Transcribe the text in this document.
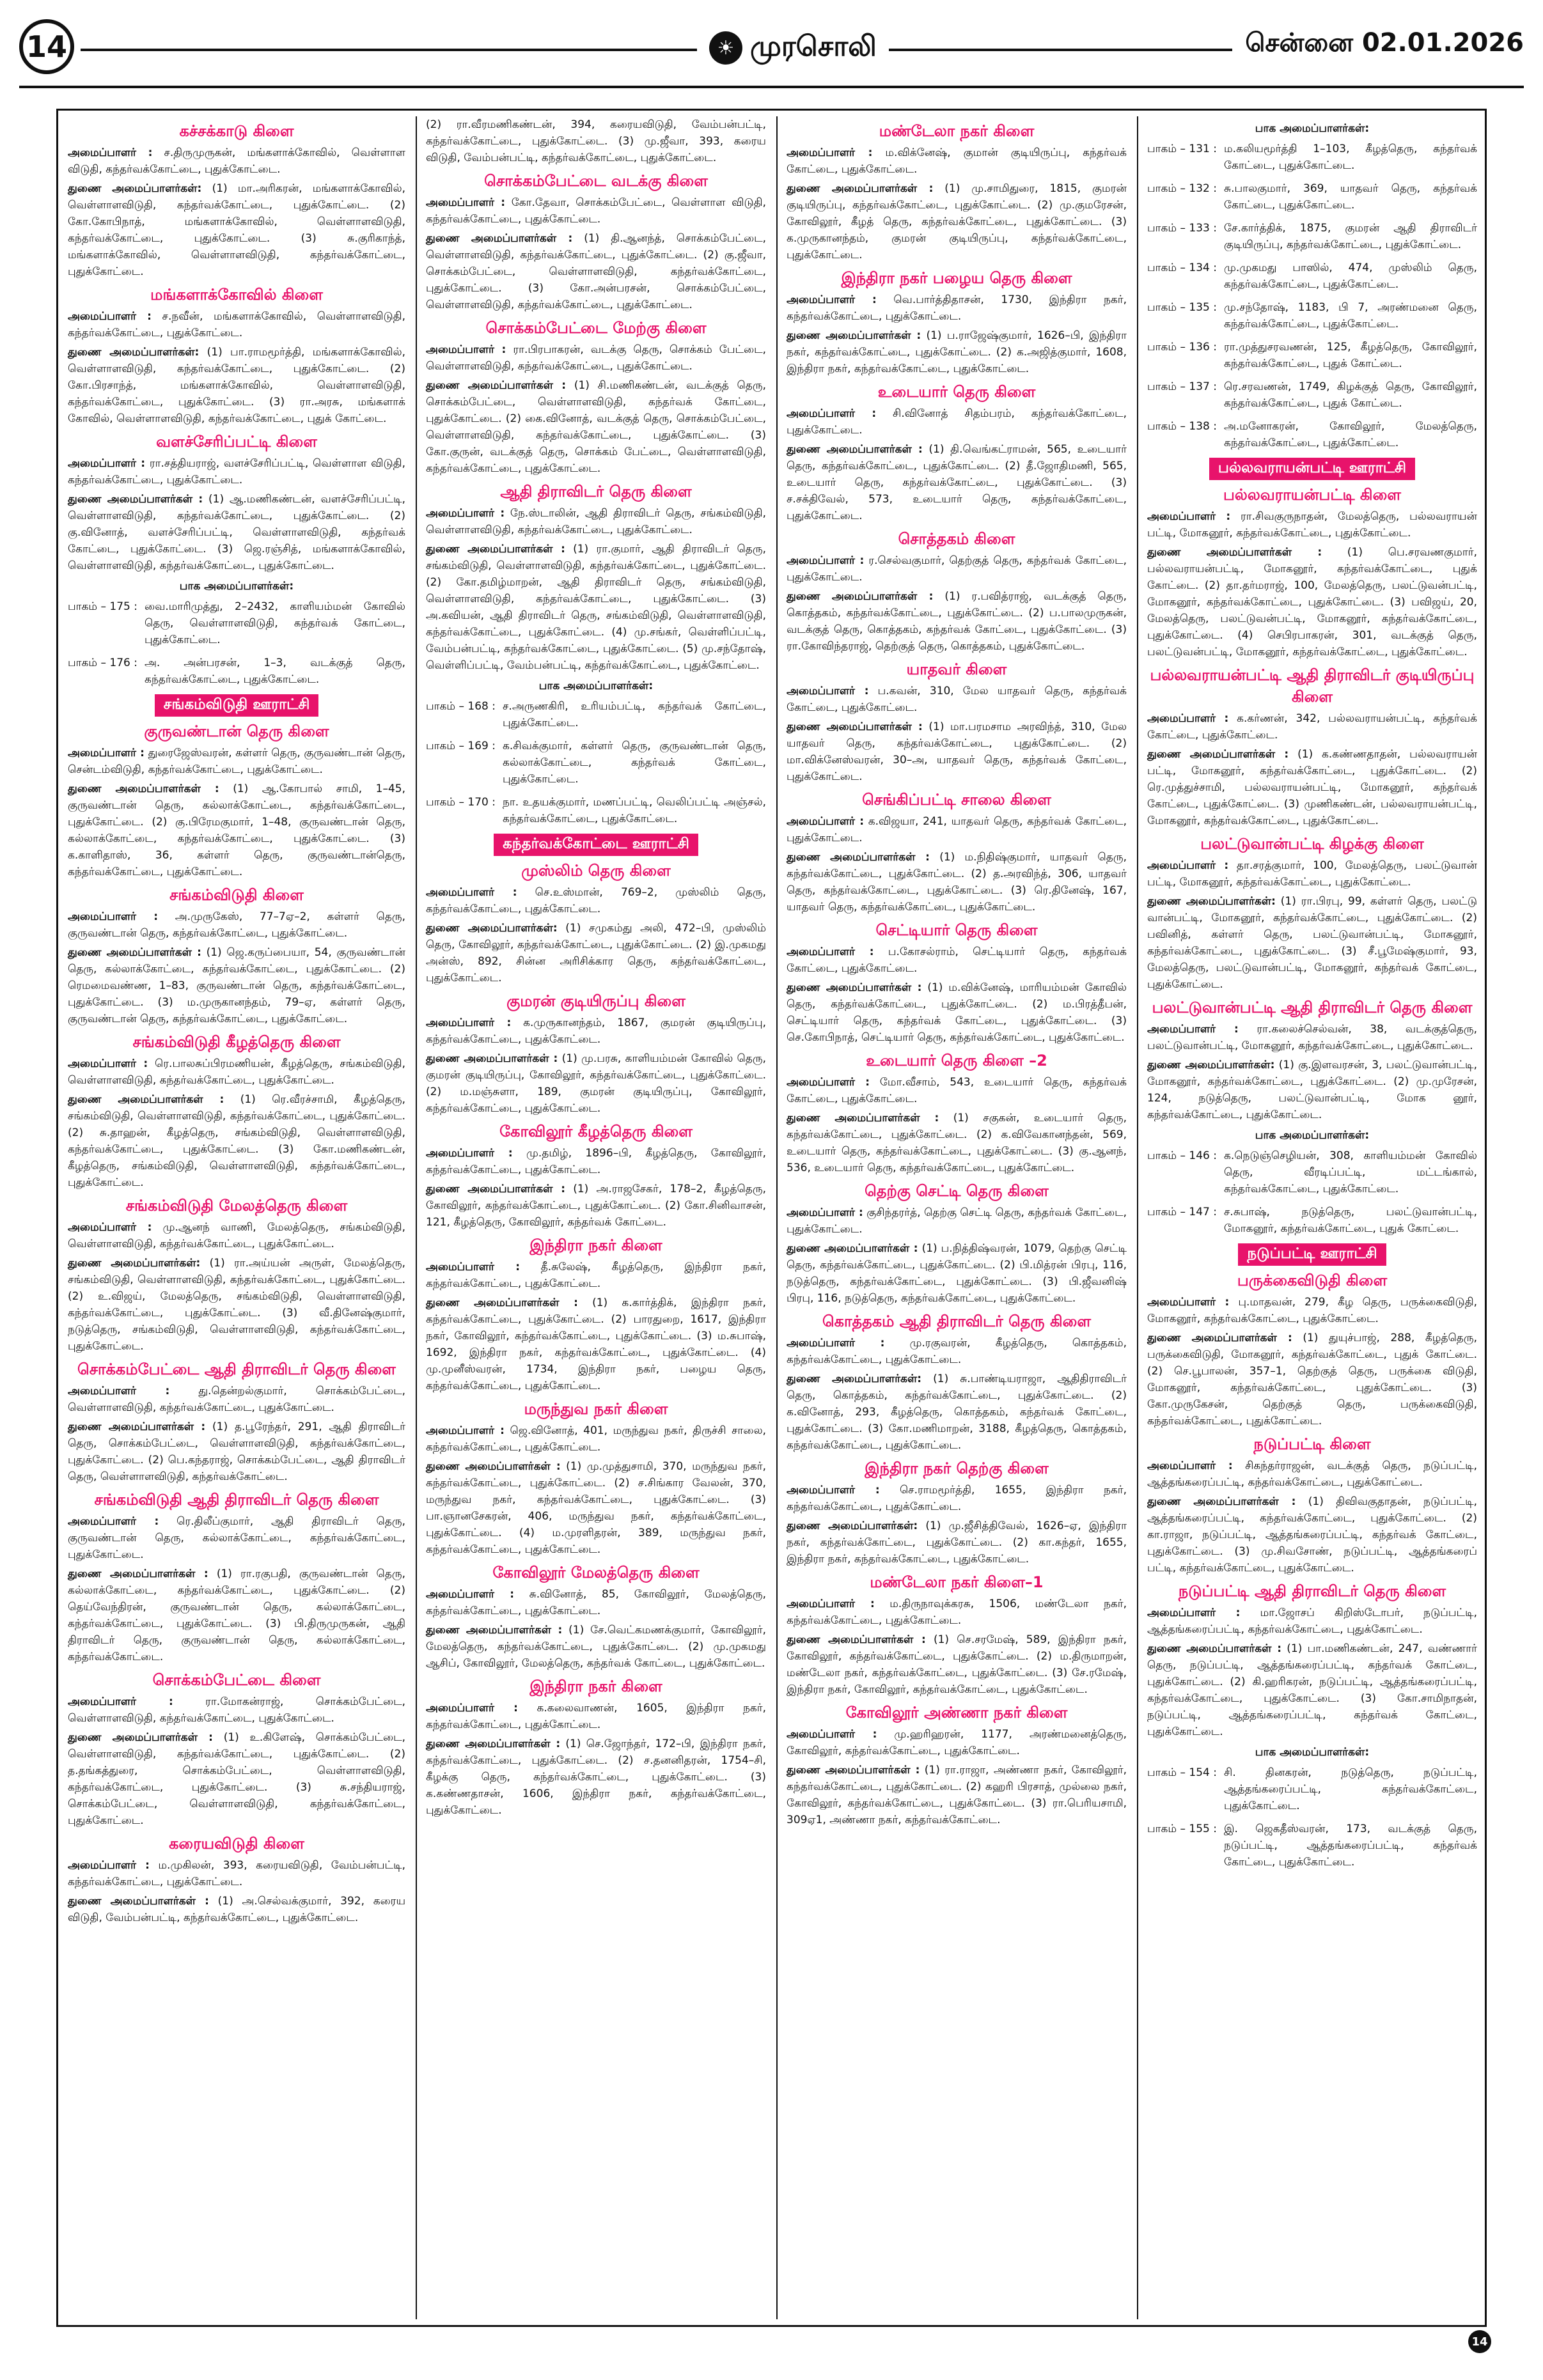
14	☀ முரசொலி	சென்னை 02.01.2026
கச்சக்காடு கிளை

அமைப்பாளர் : ச.திருமுருகன், மங்களாக்கோவில், வெள்ளாள விடுதி, கந்தர்வக்கோட்டை, புதுக்கோட்டை.

துணை அமைப்பாளர்கள்: (1) மா.அரிகரன், மங்களாக்கோவில், வெள்ளாளவிடுதி, கந்தர்வக்கோட்டை, புதுக்கோட்டை. (2) கோ.கோபிநாத், மங்களாக்கோவில், வெள்ளாளவிடுதி, கந்தர்வக்கோட்டை, புதுக்கோட்டை. (3) சு.குரிகாந்த், மங்களாக்கோவில், வெள்ளாளவிடுதி, கந்தர்வக்கோட்டை, புதுக்கோட்டை.

மங்களாக்கோவில் கிளை

அமைப்பாளர் : ச.நவீன், மங்களாக்கோவில், வெள்ளாளவிடுதி, கந்தர்வக்கோட்டை, புதுக்கோட்டை.

துணை அமைப்பாளர்கள்: (1) பா.ராமமூர்த்தி, மங்களாக்கோவில், வெள்ளாளவிடுதி, கந்தர்வக்கோட்டை, புதுக்கோட்டை. (2) கோ.பிரசாந்த், மங்களாக்கோவில், வெள்ளாளவிடுதி, கந்தர்வக்கோட்டை, புதுக்கோட்டை. (3) ரா.அரசு, மங்களாக் கோவில், வெள்ளாளவிடுதி, கந்தர்வக்கோட்டை, புதுக் கோட்டை.

வளச்சேரிப்பட்டி கிளை

அமைப்பாளர் : ரா.சத்தியராஜ், வளச்சேரிப்பட்டி, வெள்ளாள விடுதி, கந்தர்வக்கோட்டை, புதுக்கோட்டை.

துணை அமைப்பாளர்கள் : (1) ஆ.மணிகண்டன், வளச்சேரிப்பட்டி, வெள்ளாளவிடுதி, கந்தர்வக்கோட்டை, புதுக்கோட்டை. (2) கு.வினோத், வளச்சேரிப்பட்டி, வெள்ளாளவிடுதி, கந்தர்வக் கோட்டை, புதுக்கோட்டை. (3) ஜெ.ரஞ்சித், மங்களாக்கோவில், வெள்ளாளவிடுதி, கந்தர்வக்கோட்டை, புதுக்கோட்டை.

பாக அமைப்பாளர்கள்:
பாகம் – 175 : வை.மாரிமுத்து, 2–2432, காளியம்மன் கோவில் தெரு, வெள்ளாளவிடுதி, கந்தர்வக் கோட்டை, புதுக்கோட்டை.
பாகம் – 176 : அ. அன்பரசன், 1–3, வடக்குத் தெரு, கந்தர்வக்கோட்டை, புதுக்கோட்டை.
சங்கம்விடுதி ஊராட்சி
குருவண்டான் தெரு கிளை

அமைப்பாளர் : துரைஜேஸ்வரன், கள்ளர் தெரு, குருவண்டான் தெரு, சென்டம்விடுதி, கந்தர்வக்கோட்டை, புதுக்கோட்டை.

துணை அமைப்பாளர்கள் : (1) ஆ.கோபால் சாமி, 1–45, குருவண்டான் தெரு, கல்லாக்கோட்டை, கந்தர்வக்கோட்டை, புதுக்கோட்டை. (2) கு.பிரேமகுமார், 1–48, குருவண்டான் தெரு, கல்லாக்கோட்டை, கந்தர்வக்கோட்டை, புதுக்கோட்டை. (3) க.காளிதாஸ், 36, கள்ளர் தெரு, குருவண்டான்தெரு, கந்தர்வக்கோட்டை, புதுக்கோட்டை.

சங்கம்விடுதி கிளை

அமைப்பாளர் : அ.முருகேஸ், 77–7ஏ–2, கள்ளர் தெரு, குருவண்டான் தெரு, கந்தர்வக்கோட்டை, புதுக்கோட்டை.

துணை அமைப்பாளர்கள் : (1) ஜெ.கருப்பையா, 54, குருவண்டான் தெரு, கல்லாக்கோட்டை, கந்தர்வக்கோட்டை, புதுக்கோட்டை. (2) ரெமமைவண்ண, 1–83, குருவண்டான் தெரு, கந்தர்வக்கோட்டை, புதுக்கோட்டை. (3) ம.முருகானந்தம், 79–ஏ, கள்ளர் தெரு, குருவண்டான் தெரு, கந்தர்வக்கோட்டை, புதுக்கோட்டை.

சங்கம்விடுதி கீழத்தெரு கிளை

அமைப்பாளர் : ரெ.பாலசுப்பிரமணியன், கீழத்தெரு, சங்கம்விடுதி, வெள்ளாளவிடுதி, கந்தர்வக்கோட்டை, புதுக்கோட்டை.

துணை அமைப்பாளர்கள் : (1) ரெ.வீரச்சாமி, கீழத்தெரு, சங்கம்விடுதி, வெள்ளாளவிடுதி, கந்தர்வக்கோட்டை, புதுக்கோட்டை. (2) சு.தாஹன், கீழத்தெரு, சங்கம்விடுதி, வெள்ளாளவிடுதி, கந்தர்வக்கோட்டை, புதுக்கோட்டை. (3) கோ.மணிகண்டன், கீழத்தெரு, சங்கம்விடுதி, வெள்ளாளவிடுதி, கந்தர்வக்கோட்டை, புதுக்கோட்டை.

சங்கம்விடுதி மேலத்தெரு கிளை

அமைப்பாளர் : மு.ஆனந் வாணி, மேலத்தெரு, சங்கம்விடுதி, வெள்ளாளவிடுதி, கந்தர்வக்கோட்டை, புதுக்கோட்டை.

துணை அமைப்பாளர்கள்: (1) ரா.அய்யன் அருள், மேலத்தெரு, சங்கம்விடுதி, வெள்ளாளவிடுதி, கந்தர்வக்கோட்டை, புதுக்கோட்டை. (2) உ.விஜய், மேலத்தெரு, சங்கம்விடுதி, வெள்ளாளவிடுதி, கந்தர்வக்கோட்டை, புதுக்கோட்டை. (3) வீ.தினேஷ்குமார், நடுத்தெரு, சங்கம்விடுதி, வெள்ளாளவிடுதி, கந்தர்வக்கோட்டை, புதுக்கோட்டை.

சொக்கம்பேட்டை ஆதி திராவிடர் தெரு கிளை

அமைப்பாளர் :	து.தென்றல்குமார், சொக்கம்பேட்டை, வெள்ளாளவிடுதி, கந்தர்வக்கோட்டை, புதுக்கோட்டை.

துணை அமைப்பாளர்கள் : (1) த.பூரேந்தர், 291, ஆதி திராவிடர் தெரு, சொக்கம்பேட்டை, வெள்ளாளவிடுதி, கந்தர்வக்கோட்டை, புதுக்கோட்டை. (2) பெ.கந்தராஜ், சொக்கம்பேட்டை, ஆதி திராவிடர் தெரு, வெள்ளாளவிடுதி, கந்தர்வக்கோட்டை.

சங்கம்விடுதி ஆதி திராவிடர் தெரு கிளை

அமைப்பாளர் : ரெ.திலீப்குமார், ஆதி திராவிடர் தெரு, குருவண்டான் தெரு, கல்லாக்கோட்டை, கந்தர்வக்கோட்டை, புதுக்கோட்டை.

துணை அமைப்பாளர்கள் : (1) ரா.ரகுபதி, குருவண்டான் தெரு, கல்லாக்கோட்டை, கந்தர்வக்கோட்டை, புதுக்கோட்டை. (2) தெய்வேந்திரன், குருவண்டான் தெரு, கல்லாக்கோட்டை, கந்தர்வக்கோட்டை, புதுக்கோட்டை. (3) பி.திருமுருகன், ஆதி திராவிடர் தெரு, குருவண்டான் தெரு, கல்லாக்கோட்டை, கந்தர்வக்கோட்டை.

சொக்கம்பேட்டை கிளை

அமைப்பாளர் :	ரா.மோகன்ராஜ், சொக்கம்பேட்டை, வெள்ளாளவிடுதி, கந்தர்வக்கோட்டை, புதுக்கோட்டை.

துணை அமைப்பாளர்கள் : (1) உ.கிளேஷ், சொக்கம்பேட்டை, வெள்ளாளவிடுதி, கந்தர்வக்கோட்டை, புதுக்கோட்டை. (2) த.தங்கத்துரை, சொக்கம்பேட்டை, வெள்ளாளவிடுதி, கந்தர்வக்கோட்டை, புதுக்கோட்டை. (3) சு.சந்தியராஜ், சொக்கம்பேட்டை, வெள்ளாளவிடுதி, கந்தர்வக்கோட்டை, புதுக்கோட்டை.

கரையவிடுதி கிளை

அமைப்பாளர் : ம.முகிலன், 393, கரையவிடுதி, வேம்பன்பட்டி, கந்தர்வக்கோட்டை, புதுக்கோட்டை.

துணை அமைப்பாளர்கள் : (1) அ.செல்வக்குமார், 392, கரைய விடுதி, வேம்பன்பட்டி, கந்தர்வக்கோட்டை, புதுக்கோட்டை.

(2) ரா.வீரமணிகண்டன், 394, கரையவிடுதி, வேம்பன்பட்டி, கந்தர்வக்கோட்டை, புதுக்கோட்டை. (3) மு.ஜீவா, 393, கரைய விடுதி, வேம்பன்பட்டி, கந்தர்வக்கோட்டை, புதுக்கோட்டை.

சொக்கம்பேட்டை வடக்கு கிளை

அமைப்பாளர் : கோ.தேவா, சொக்கம்பேட்டை, வெள்ளாள விடுதி, கந்தர்வக்கோட்டை, புதுக்கோட்டை.

துணை அமைப்பாளர்கள் : (1) தி.ஆனந்த், சொக்கம்பேட்டை, வெள்ளாளவிடுதி, கந்தர்வக்கோட்டை, புதுக்கோட்டை. (2) கு.ஜீவா, சொக்கம்பேட்டை, வெள்ளாளவிடுதி, கந்தர்வக்கோட்டை, புதுக்கோட்டை. (3) கோ.அன்பரசன், சொக்கம்பேட்டை, வெள்ளாளவிடுதி, கந்தர்வக்கோட்டை, புதுக்கோட்டை.

சொக்கம்பேட்டை மேற்கு கிளை

அமைப்பாளர் : ரா.பிரபாகரன், வடக்கு தெரு, சொக்கம் பேட்டை, வெள்ளாளவிடுதி, கந்தர்வக்கோட்டை, புதுக்கோட்டை.

துணை அமைப்பாளர்கள் : (1) சி.மணிகண்டன், வடக்குத் தெரு, சொக்கம்பேட்டை, வெள்ளாளவிடுதி, கந்தர்வக் கோட்டை, புதுக்கோட்டை. (2) கை.வினோத், வடக்குத் தெரு, சொக்கம்பேட்டை, வெள்ளாளவிடுதி, கந்தர்வக்கோட்டை, புதுக்கோட்டை. (3) கோ.குருன், வடக்குத் தெரு, சொக்கம் பேட்டை, வெள்ளாளவிடுதி, கந்தர்வக்கோட்டை, புதுக்கோட்டை.

ஆதி திராவிடர் தெரு கிளை

அமைப்பாளர் : நே.ஸ்டாலின், ஆதி திராவிடர் தெரு, சங்கம்விடுதி, வெள்ளாளவிடுதி, கந்தர்வக்கோட்டை, புதுக்கோட்டை.

துணை அமைப்பாளர்கள் : (1) ரா.குமார், ஆதி திராவிடர் தெரு, சங்கம்விடுதி, வெள்ளாளவிடுதி, கந்தர்வக்கோட்டை, புதுக்கோட்டை. (2) கோ.தமிழ்மாறன், ஆதி திராவிடர் தெரு, சங்கம்விடுதி, வெள்ளாளவிடுதி, கந்தர்வக்கோட்டை, புதுக்கோட்டை. (3) அ.கவியன், ஆதி திராவிடர் தெரு, சங்கம்விடுதி, வெள்ளாளவிடுதி, கந்தர்வக்கோட்டை, புதுக்கோட்டை. (4) மு.சங்கர், வெள்ளிப்பட்டி, வேம்பன்பட்டி, கந்தர்வக்கோட்டை, புதுக்கோட்டை. (5) மு.சந்தோஷ், வெள்ளிப்பட்டி, வேம்பன்பட்டி, கந்தர்வக்கோட்டை, புதுக்கோட்டை.

பாக அமைப்பாளர்கள்:
பாகம் – 168 : ச.அருணகிரி, உரியம்பட்டி, கந்தர்வக் கோட்டை, புதுக்கோட்டை.
பாகம் – 169 : க.சிவக்குமார், கள்ளர் தெரு, குருவண்டான் தெரு, கல்லாக்கோட்டை, கந்தர்வக் கோட்டை, புதுக்கோட்டை.
பாகம் – 170 : நா. உதயக்குமார், மணப்பட்டி, வெலிப்பட்டி அஞ்சல், கந்தர்வக்கோட்டை, புதுக்கோட்டை.
கந்தர்வக்கோட்டை ஊராட்சி
முஸ்லிம் தெரு கிளை

அமைப்பாளர் : செ.உஸ்மான், 769–2, முஸ்லிம் தெரு, கந்தர்வக்கோட்டை, புதுக்கோட்டை.

துணை அமைப்பாளர்கள்: (1) சமுகம்து அலி, 472–பி, முஸ்லிம் தெரு, கோவிலூர், கந்தர்வக்கோட்டை, புதுக்கோட்டை. (2) இ.முகமது அன்ஸ், 892, சின்ன அரிசிக்கார தெரு, கந்தர்வக்கோட்டை, புதுக்கோட்டை.

குமரன் குடியிருப்பு கிளை

அமைப்பாளர் : க.முருகானந்தம், 1867, குமரன் குடியிருப்பு, கந்தர்வக்கோட்டை, புதுக்கோட்டை.

துணை அமைப்பாளர்கள் : (1) மு.பரசு, காளியம்மன் கோவில் தெரு, குமரன் குடியிருப்பு, கோவிலூர், கந்தர்வக்கோட்டை, புதுக்கோட்டை. (2) ம.மஞ்சுளா, 189, குமரன் குடியிருப்பு, கோவிலூர், கந்தர்வக்கோட்டை, புதுக்கோட்டை.

கோவிலூர் கீழத்தெரு கிளை

அமைப்பாளர் : மு.தமிழ், 1896–பி, கீழத்தெரு, கோவிலூர், கந்தர்வக்கோட்டை, புதுக்கோட்டை.

துணை அமைப்பாளர்கள் : (1) அ.ராஜசேகர், 178–2, கீழத்தெரு, கோவிலூர், கந்தர்வக்கோட்டை, புதுக்கோட்டை. (2) கோ.சினிவாசன், 121, கீழத்தெரு, கோவிலூர், கந்தர்வக் கோட்டை.

இந்திரா நகர் கிளை

அமைப்பாளர் : தீ.சுலேஷ், கீழத்தெரு, இந்திரா நகர், கந்தர்வக்கோட்டை, புதுக்கோட்டை.

துணை அமைப்பாளர்கள் : (1) க.கார்த்திக், இந்திரா நகர், கந்தர்வக்கோட்டை, புதுக்கோட்டை. (2) பாரதுறை, 1617, இந்திரா நகர், கோவிலூர், கந்தர்வக்கோட்டை, புதுக்கோட்டை. (3) ம.சுபாஷ், 1692, இந்திரா நகர், கந்தர்வக்கோட்டை, புதுக்கோட்டை. (4) மு.முனீஸ்வரன், 1734, இந்திரா நகர், பழைய தெரு, கந்தர்வக்கோட்டை, புதுக்கோட்டை.

மருந்துவ நகர் கிளை

அமைப்பாளர் : ஜெ.வினோத், 401, மருந்துவ நகர், திருச்சி சாலை, கந்தர்வக்கோட்டை, புதுக்கோட்டை.

துணை அமைப்பாளர்கள் : (1) மு.முத்துசாமி, 370, மருந்துவ நகர், கந்தர்வக்கோட்டை, புதுக்கோட்டை. (2) ச.சிங்கார வேலன், 370, மருந்துவ நகர், கந்தர்வக்கோட்டை, புதுக்கோட்டை. (3) பா.ஞானசேகரன், 406, மருந்துவ நகர், கந்தர்வக்கோட்டை, புதுக்கோட்டை. (4) ம.முரளிதரன், 389, மருந்துவ நகர், கந்தர்வக்கோட்டை, புதுக்கோட்டை.

கோவிலூர் மேலத்தெரு கிளை

அமைப்பாளர் : சு.வினோத், 85, கோவிலூர், மேலத்தெரு, கந்தர்வக்கோட்டை, புதுக்கோட்டை.

துணை அமைப்பாளர்கள் : (1) சே.வெட்கமணக்குமார், கோவிலூர், மேலத்தெரு, கந்தர்வக்கோட்டை, புதுக்கோட்டை. (2) மு.முகமது ஆசிப், கோவிலூர், மேலத்தெரு, கந்தர்வக் கோட்டை, புதுக்கோட்டை.

இந்திரா நகர் கிளை

அமைப்பாளர் : க.கலைவாணன், 1605, இந்திரா நகர், கந்தர்வக்கோட்டை, புதுக்கோட்டை.

துணை அமைப்பாளர்கள் : (1) செ.ஜோந்தர், 172–பி, இந்திரா நகர், கந்தர்வக்கோட்டை, புதுக்கோட்டை. (2) ச.தனனிதரன், 1754–சி, கீழக்கு தெரு, கந்தர்வக்கோட்டை, புதுக்கோட்டை. (3) க.கண்ணதாசன், 1606, இந்திரா நகர், கந்தர்வக்கோட்டை, புதுக்கோட்டை.

மண்டேலா நகர் கிளை

அமைப்பாளர் : ம.விக்னேஷ், குமான் குடியிருப்பு, கந்தர்வக் கோட்டை, புதுக்கோட்டை.

துணை அமைப்பாளர்கள் : (1) மு.சாமிதுரை, 1815, குமரன் குடியிருப்பு, கந்தர்வக்கோட்டை, புதுக்கோட்டை. (2) மு.குமரேசன், கோவிலூர், கீழத் தெரு, கந்தர்வக்கோட்டை, புதுக்கோட்டை. (3) க.முருகானந்தம், குமரன் குடியிருப்பு, கந்தர்வக்கோட்டை, புதுக்கோட்டை.

இந்திரா நகர் பழைய தெரு கிளை

அமைப்பாளர் : வெ.பார்த்திதாசன், 1730, இந்திரா நகர், கந்தர்வக்கோட்டை, புதுக்கோட்டை.

துணை அமைப்பாளர்கள் : (1) ப.ராஜேஷ்குமார், 1626–பி, இந்திரா நகர், கந்தர்வக்கோட்டை, புதுக்கோட்டை. (2) க.அஜித்குமார், 1608, இந்திரா நகர், கந்தர்வக்கோட்டை, புதுக்கோட்டை.

உடையார் தெரு கிளை

அமைப்பாளர் : சி.வினோத் சிதம்பரம், கந்தர்வக்கோட்டை, புதுக்கோட்டை.

துணை அமைப்பாளர்கள் : (1) தி.வெங்கட்ராமன், 565, உடையார் தெரு, கந்தர்வக்கோட்டை, புதுக்கோட்டை. (2) தீ.ஜோதிமணி, 565, உடையார் தெரு, கந்தர்வக்கோட்டை, புதுக்கோட்டை. (3) ச.சக்திவேல், 573, உடையார் தெரு, கந்தர்வக்கோட்டை, புதுக்கோட்டை.

சொத்தகம் கிளை

அமைப்பாளர் : ர.செல்வகுமார், தெற்குத் தெரு, கந்தர்வக் கோட்டை, புதுக்கோட்டை.

துணை அமைப்பாளர்கள் : (1) ர.பவித்ராஜ், வடக்குத் தெரு, கொத்தகம், கந்தர்வக்கோட்டை, புதுக்கோட்டை. (2) ப.பாலமுருகன், வடக்குத் தெரு, கொத்தகம், கந்தர்வக் கோட்டை, புதுக்கோட்டை. (3) ரா.கோவிந்தராஜ், தெற்குத் தெரு, கொத்தகம், புதுக்கோட்டை.

யாதவர் கிளை

அமைப்பாளர் : ப.கவன், 310, மேல யாதவர் தெரு, கந்தர்வக் கோட்டை, புதுக்கோட்டை.

துணை அமைப்பாளர்கள் : (1) மா.பரமசாம அரவிந்த், 310, மேல யாதவர் தெரு, கந்தர்வக்கோட்டை, புதுக்கோட்டை. (2) மா.விக்னேஸ்வரன், 30–அ, யாதவர் தெரு, கந்தர்வக் கோட்டை, புதுக்கோட்டை.

செங்கிப்பட்டி சாலை கிளை

அமைப்பாளர் : க.விஜயா, 241, யாதவர் தெரு, கந்தர்வக் கோட்டை, புதுக்கோட்டை.

துணை அமைப்பாளர்கள் : (1) ம.நிதிஷ்குமார், யாதவர் தெரு, கந்தர்வக்கோட்டை, புதுக்கோட்டை. (2) த.அரவிந்த், 306, யாதவர் தெரு, கந்தர்வக்கோட்டை, புதுக்கோட்டை. (3) ரெ.தினேஷ், 167, யாதவர் தெரு, கந்தர்வக்கோட்டை, புதுக்கோட்டை.

செட்டியார் தெரு கிளை

அமைப்பாளர் : ப.கோசல்ராம், செட்டியார் தெரு, கந்தர்வக் கோட்டை, புதுக்கோட்டை.

துணை அமைப்பாளர்கள் : (1) ம.விக்னேஷ், மாரியம்மன் கோவில் தெரு, கந்தர்வக்கோட்டை, புதுக்கோட்டை. (2) ம.பிரத்தீபன், செட்டியார் தெரு, கந்தர்வக் கோட்டை, புதுக்கோட்டை. (3) செ.கோபிநாத், செட்டியார் தெரு, கந்தர்வக்கோட்டை, புதுக்கோட்டை.

உடையார் தெரு கிளை –2

அமைப்பாளர் : மோ.வீசாம், 543, உடையார் தெரு, கந்தர்வக் கோட்டை, புதுக்கோட்டை.

துணை அமைப்பாளர்கள் : (1) சகுகன், உடையார் தெரு, கந்தர்வக்கோட்டை, புதுக்கோட்டை. (2) க.விவேகானந்தன், 569, உடையார் தெரு, கந்தர்வக்கோட்டை, புதுக்கோட்டை. (3) கு.ஆனந், 536, உடையார் தெரு, கந்தர்வக்கோட்டை, புதுக்கோட்டை.

தெற்கு செட்டி தெரு கிளை

அமைப்பாளர் : குசிந்தரர்த், தெற்கு செட்டி தெரு, கந்தர்வக் கோட்டை, புதுக்கோட்டை.

துணை அமைப்பாளர்கள் : (1) ப.நித்திஷ்வரன், 1079, தெற்கு செட்டி தெரு, கந்தர்வக்கோட்டை, புதுக்கோட்டை. (2) பி.மித்ரன் பிரபு, 116, நடுத்தெரு, கந்தர்வக்கோட்டை, புதுக்கோட்டை. (3) பி.ஜீவனிஷ் பிரபு, 116, நடுத்தெரு, கந்தர்வக்கோட்டை, புதுக்கோட்டை.

கொத்தகம் ஆதி திராவிடர் தெரு கிளை

அமைப்பாளர் : மு.ரகுவரன், கீழத்தெரு, கொத்தகம், கந்தர்வக்கோட்டை, புதுக்கோட்டை.

துணை அமைப்பாளர்கள்: (1) சு.பாண்டியராஜா, ஆதிதிராவிடர் தெரு, கொத்தகம், கந்தர்வக்கோட்டை, புதுக்கோட்டை. (2) க.வினோத், 293, கீழத்தெரு, கொத்தகம், கந்தர்வக் கோட்டை, புதுக்கோட்டை. (3) கோ.மணிமாறன், 3188, கீழத்தெரு, கொத்தகம், கந்தர்வக்கோட்டை, புதுக்கோட்டை.

இந்திரா நகர் தெற்கு கிளை

அமைப்பாளர் : செ.ராமமூர்த்தி, 1655, இந்திரா நகர், கந்தர்வக்கோட்டை, புதுக்கோட்டை.

துணை அமைப்பாளர்கள்: (1) மு.ஜீசித்திவேல், 1626–ஏ, இந்திரா நகர், கந்தர்வக்கோட்டை, புதுக்கோட்டை. (2) கா.கந்தர், 1655, இந்திரா நகர், கந்தர்வக்கோட்டை, புதுக்கோட்டை.

மண்டேலா நகர் கிளை–1

அமைப்பாளர் : ம.திருநாவுக்கரசு, 1506, மண்டேலா நகர், கந்தர்வக்கோட்டை, புதுக்கோட்டை.

துணை அமைப்பாளர்கள் : (1) செ.சரமேஷ், 589, இந்திரா நகர், கோவிலூர், கந்தர்வக்கோட்டை, புதுக்கோட்டை. (2) ம.திருமாறன், மண்டேலா நகர், கந்தர்வக்கோட்டை, புதுக்கோட்டை. (3) சே.ரமேஷ், இந்திரா நகர், கோவிலூர், கந்தர்வக்கோட்டை, புதுக்கோட்டை.

கோவிலூர் அண்ணா நகர் கிளை

அமைப்பாளர் : மு.ஹரிஹரன், 1177, அரண்மனைத்தெரு, கோவிலூர், கந்தர்வக்கோட்டை, புதுக்கோட்டை.

துணை அமைப்பாளர்கள் : (1) ரா.ராஜா, அண்ணா நகர், கோவிலூர், கந்தர்வக்கோட்டை, புதுக்கோட்டை. (2) கஹரி பிரசாத், முல்லை நகர், கோவிலூர், கந்தர்வக்கோட்டை, புதுக்கோட்டை. (3) ரா.பெரியசாமி, 309ஏ1, அண்ணா நகர், கந்தர்வக்கோட்டை.

பாக அமைப்பாளர்கள்:
பாகம் – 131 : ம.கலியமூர்த்தி 1–103, கீழத்தெரு, கந்தர்வக் கோட்டை, புதுக்கோட்டை.
பாகம் – 132 : சு.பாலகுமார், 369, யாதவர் தெரு, கந்தர்வக் கோட்டை, புதுக்கோட்டை.
பாகம் – 133 : சே.கார்த்திக், 1875, குமரன் ஆதி திராவிடர் குடியிருப்பு, கந்தர்வக்கோட்டை, புதுக்கோட்டை.
பாகம் – 134 : மு.முகமது பாஸில், 474, முஸ்லிம் தெரு, கந்தர்வக்கோட்டை, புதுக்கோட்டை.
பாகம் – 135 : மு.சந்தோஷ், 1183, பி 7, அரண்மனை தெரு, கந்தர்வக்கோட்டை, புதுக்கோட்டை.
பாகம் – 136 : ரா.முத்துசரவணன், 125, கீழத்தெரு, கோவிலூர், கந்தர்வக்கோட்டை, புதுக் கோட்டை.
பாகம் – 137 : ரெ.சரவணன், 1749, கிழக்குத் தெரு, கோவிலூர், கந்தர்வக்கோட்டை, புதுக் கோட்டை.
பாகம் – 138 : அ.மனோகரன், கோவிலூர், மேலத்தெரு, கந்தர்வக்கோட்டை, புதுக்கோட்டை.
பல்லவராயன்பட்டி ஊராட்சி
பல்லவராயன்பட்டி கிளை

அமைப்பாளர் : ரா.சிவகுருநாதன், மேலத்தெரு, பல்லவராயன் பட்டி, மோகனூர், கந்தர்வக்கோட்டை, புதுக்கோட்டை.

துணை அமைப்பாளர்கள் : (1) பெ.சரவணகுமார், பல்லவராயன்பட்டி, மோகனூர், கந்தர்வக்கோட்டை, புதுக் கோட்டை. (2) தா.தர்மராஜ், 100, மேலத்தெரு, பலட்டுவன்பட்டி, மோகனூர், கந்தர்வக்கோட்டை, புதுக்கோட்டை. (3) பவிஜய், 20, மேலத்தெரு, பலட்டுவன்பட்டி, மோகனூர், கந்தர்வக்கோட்டை, புதுக்கோட்டை. (4) செபிரபாகரன், 301, வடக்குத் தெரு, பலட்டுவன்பட்டி, மோகனூர், கந்தர்வக்கோட்டை, புதுக்கோட்டை.

பல்லவராயன்பட்டி ஆதி திராவிடர் குடியிருப்பு கிளை

அமைப்பாளர் : க.கர்ணன், 342, பல்லவராயன்பட்டி, கந்தர்வக் கோட்டை, புதுக்கோட்டை.

துணை அமைப்பாளர்கள் : (1) க.கண்ணதாதன், பல்லவராயன் பட்டி, மோகனூர், கந்தர்வக்கோட்டை, புதுக்கோட்டை. (2) ரெ.முத்துச்சாமி, பல்லவராயன்பட்டி, மோகனூர், கந்தர்வக் கோட்டை, புதுக்கோட்டை. (3) முணிகண்டன், பல்லவராயன்பட்டி, மோகனூர், கந்தர்வக்கோட்டை, புதுக்கோட்டை.

பலட்டுவான்பட்டி கிழக்கு கிளை

அமைப்பாளர் : தா.சரத்குமார், 100, மேலத்தெரு, பலட்டுவான் பட்டி, மோகனூர், கந்தர்வக்கோட்டை, புதுக்கோட்டை.

துணை அமைப்பாளர்கள்: (1) ரா.பிரபு, 99, கள்ளர் தெரு, பலட்டு வான்பட்டி, மோகனூர், கந்தர்வக்கோட்டை, புதுக்கோட்டை. (2) பவினித், கள்ளர் தெரு, பலட்டுவான்பட்டி, மோகனூர், கந்தர்வக்கோட்டை, புதுக்கோட்டை. (3) சீ.பூமேஷ்குமார், 93, மேலத்தெரு, பலட்டுவான்பட்டி, மோகனூர், கந்தர்வக் கோட்டை, புதுக்கோட்டை.

பலட்டுவான்பட்டி ஆதி திராவிடர் தெரு கிளை

அமைப்பாளர் : ரா.கலைச்செல்வன், 38, வடக்குத்தெரு, பலட்டுவான்பட்டி, மோகனூர், கந்தர்வக்கோட்டை, புதுக்கோட்டை.

துணை அமைப்பாளர்கள்: (1) கு.இளவரசன், 3, பலட்டுவான்பட்டி, மோகனூர், கந்தர்வக்கோட்டை, புதுக்கோட்டை. (2) மு.முரேசன், 124, நடுத்தெரு, பலட்டுவான்பட்டி, மோக னூர், கந்தர்வக்கோட்டை, புதுக்கோட்டை.

பாக அமைப்பாளர்கள்:
பாகம் – 146 : க.நெடுஞ்செழியன், 308, காளியம்மன் கோவில் தெரு, வீரடிப்பட்டி, மட்டங்கால், கந்தர்வக்கோட்டை, புதுக்கோட்டை.
பாகம் – 147 : ச.சுபாஷ், நடுத்தெரு, பலட்டுவான்பட்டி, மோகனூர், கந்தர்வக்கோட்டை, புதுக் கோட்டை.
நடுப்பட்டி ஊராட்சி
பருக்கைவிடுதி கிளை

அமைப்பாளர் : பு.மாதவன், 279, கீழ தெரு, பருக்கைவிடுதி, மோகனூர், கந்தர்வக்கோட்டை, புதுக்கோட்டை.

துணை அமைப்பாளர்கள் : (1) துயுச்பாஜ், 288, கீழத்தெரு, பருக்கைவிடுதி, மோகனூர், கந்தர்வக்கோட்டை, புதுக் கோட்டை. (2) செ.பூபாலன், 357–1, தெற்குத் தெரு, பருக்கை விடுதி, மோகனூர், கந்தர்வக்கோட்டை, புதுக்கோட்டை. (3) கோ.முருகேசன், தெற்குத் தெரு, பருக்கைவிடுதி, கந்தர்வக்கோட்டை, புதுக்கோட்டை.

நடுப்பட்டி கிளை

அமைப்பாளர் : சிகந்தர்ராஜன், வடக்குத் தெரு, நடுப்பட்டி, ஆத்தங்கரைப்பட்டி, கந்தர்வக்கோட்டை, புதுக்கோட்டை.

துணை அமைப்பாளர்கள் : (1) திவிவகுதாதன், நடுப்பட்டி, ஆத்தங்கரைப்பட்டி, கந்தர்வக்கோட்டை, புதுக்கோட்டை. (2) கா.ராஜா, நடுப்பட்டி, ஆத்தங்கரைப்பட்டி, கந்தர்வக் கோட்டை, புதுக்கோட்டை. (3) மு.சிவசோண், நடுப்பட்டி, ஆத்தங்கரைப் பட்டி, கந்தர்வக்கோட்டை, புதுக்கோட்டை.

நடுப்பட்டி ஆதி திராவிடர் தெரு கிளை

அமைப்பாளர் : மா.ஜோசப் கிறிஸ்டோபர், நடுப்பட்டி, ஆத்தங்கரைப்பட்டி, கந்தர்வக்கோட்டை, புதுக்கோட்டை.

துணை அமைப்பாளர்கள் : (1) பா.மணிகண்டன், 247, வண்ணார் தெரு, நடுப்பட்டி, ஆத்தங்கரைப்பட்டி, கந்தர்வக் கோட்டை, புதுக்கோட்டை. (2) கி.ஹரிகரன், நடுப்பட்டி, ஆத்தங்கரைப்பட்டி, கந்தர்வக்கோட்டை, புதுக்கோட்டை. (3) கோ.சாமிநாதன், நடுப்பட்டி, ஆத்தங்கரைப்பட்டி, கந்தர்வக் கோட்டை, புதுக்கோட்டை.

பாக அமைப்பாளர்கள்:
பாகம் – 154 : சி. தினகரன், நடுத்தெரு, நடுப்பட்டி, ஆத்தங்கரைப்பட்டி, கந்தர்வக்கோட்டை, புதுக்கோட்டை.
பாகம் – 155 : இ. ஜெகதீஸ்வரன், 173, வடக்குத் தெரு, நடுப்பட்டி, ஆத்தங்கரைப்பட்டி, கந்தர்வக் கோட்டை, புதுக்கோட்டை.
14
